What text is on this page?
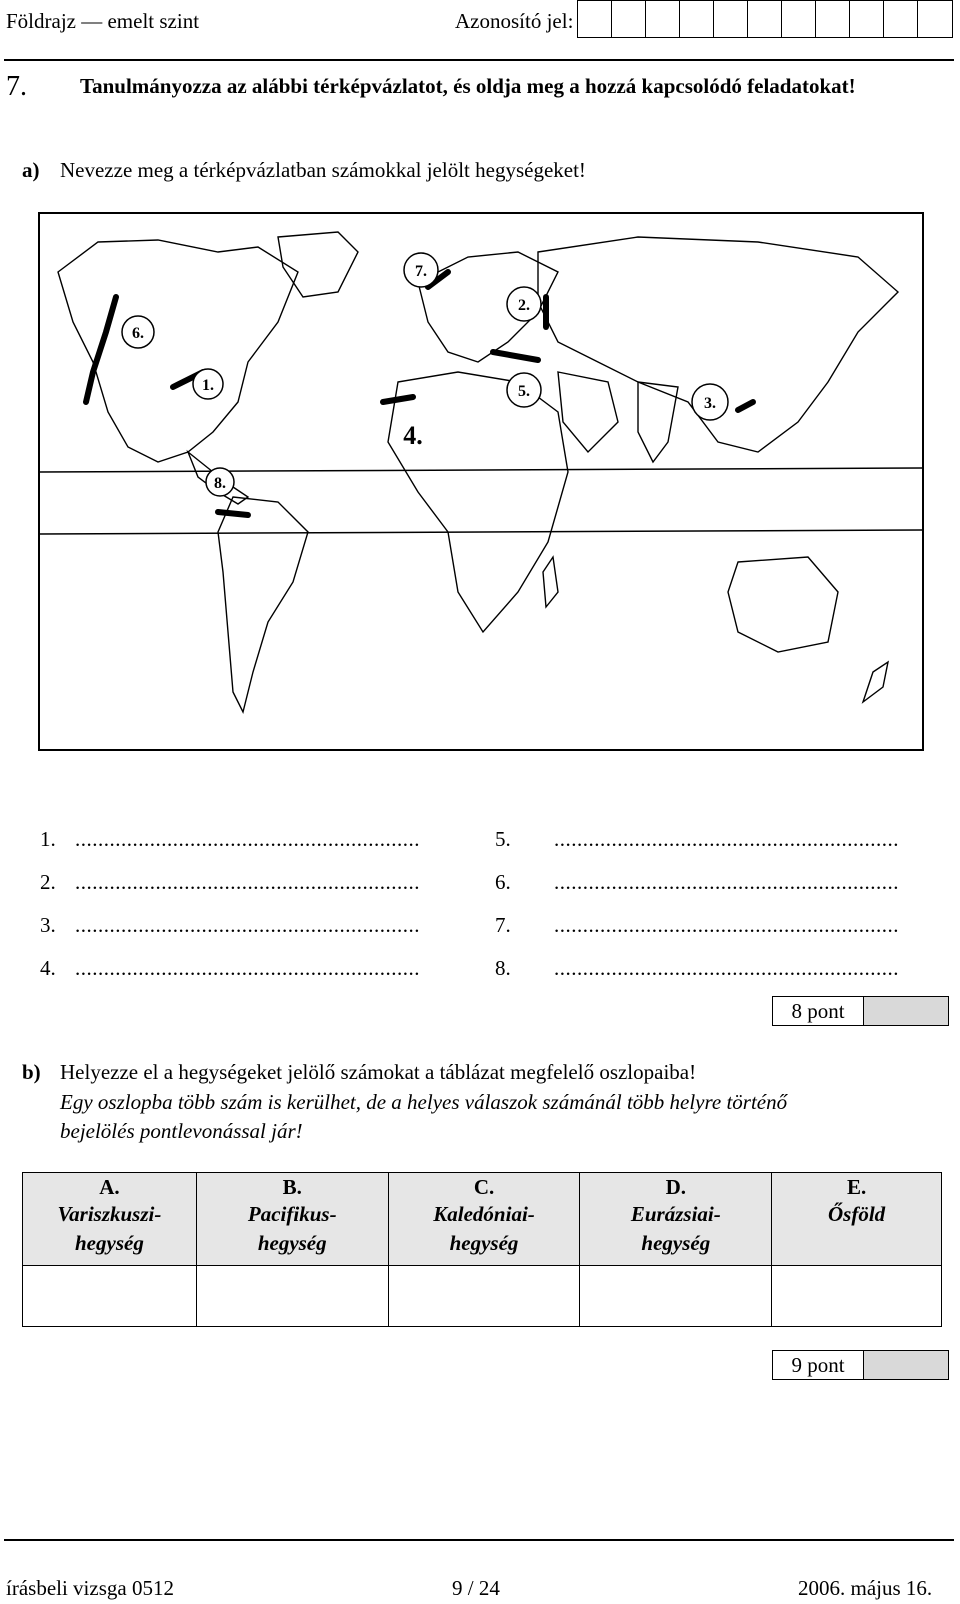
Földrajz — emelt szint	Azonosító jel:
7.	Tanulmányozza az alábbi térképvázlatot, és oldja meg a hozzá kapcsolódó feladatokat!
a) Nevezze meg a térképvázlatban számokkal jelölt hegységeket!
6.
1.
7.
2.
5.
3.
8.
4.
1. ............................................................
2. ............................................................
3. ............................................................
4. ............................................................
5. ............................................................
6. ............................................................
7. ............................................................
8. ............................................................
8 pont
b) Helyezze el a hegységeket jelölő számokat a táblázat megfelelő oszlopaiba!
Egy oszlopba több szám is kerülhet, de a helyes válaszok számánál több helyre történő
bejelölés pontlevonással jár!
A.
Variszkuszi-
hegység	B.
Pacifikus-
hegység	C.
Kaledóniai-
hegység	D.
Eurázsiai-
hegység	E.
Ősföld

9 pont
írásbeli vizsga 0512	9 / 24	2006. május 16.
